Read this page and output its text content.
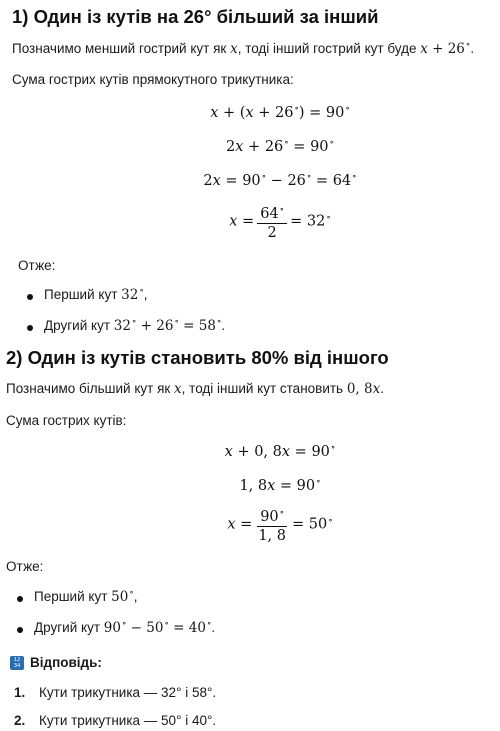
1) Один із кутів на 26° більший за інший
Позначимо менший гострий кут як x, тоді інший гострий кут буде x + 26∘.
Сума гострих кутів прямокутного трикутника:
x + (x + 26∘) = 90∘
2x + 26∘ = 90∘
2x = 90∘ − 26∘ = 64∘
$x = \frac{64^\circ}{2} = 32^\circ$
Отже:
Перший кут 32∘,
Другий кут 32∘ + 26∘ = 58∘.
2) Один із кутів становить 80% від іншого
Позначимо більший кут як x, тоді інший кут становить 0, 8x.
Сума гострих кутів:
x + 0, 8x = 90∘
1, 8x = 90∘
$x = \frac{90^\circ}{1, 8} = 50^\circ$
Отже:
Перший кут 50∘,
Другий кут 90∘ − 50∘ = 40∘.
12
34 Відповідь:
1. Кути трикутника — 32° і 58°.
2. Кути трикутника — 50° і 40°.
